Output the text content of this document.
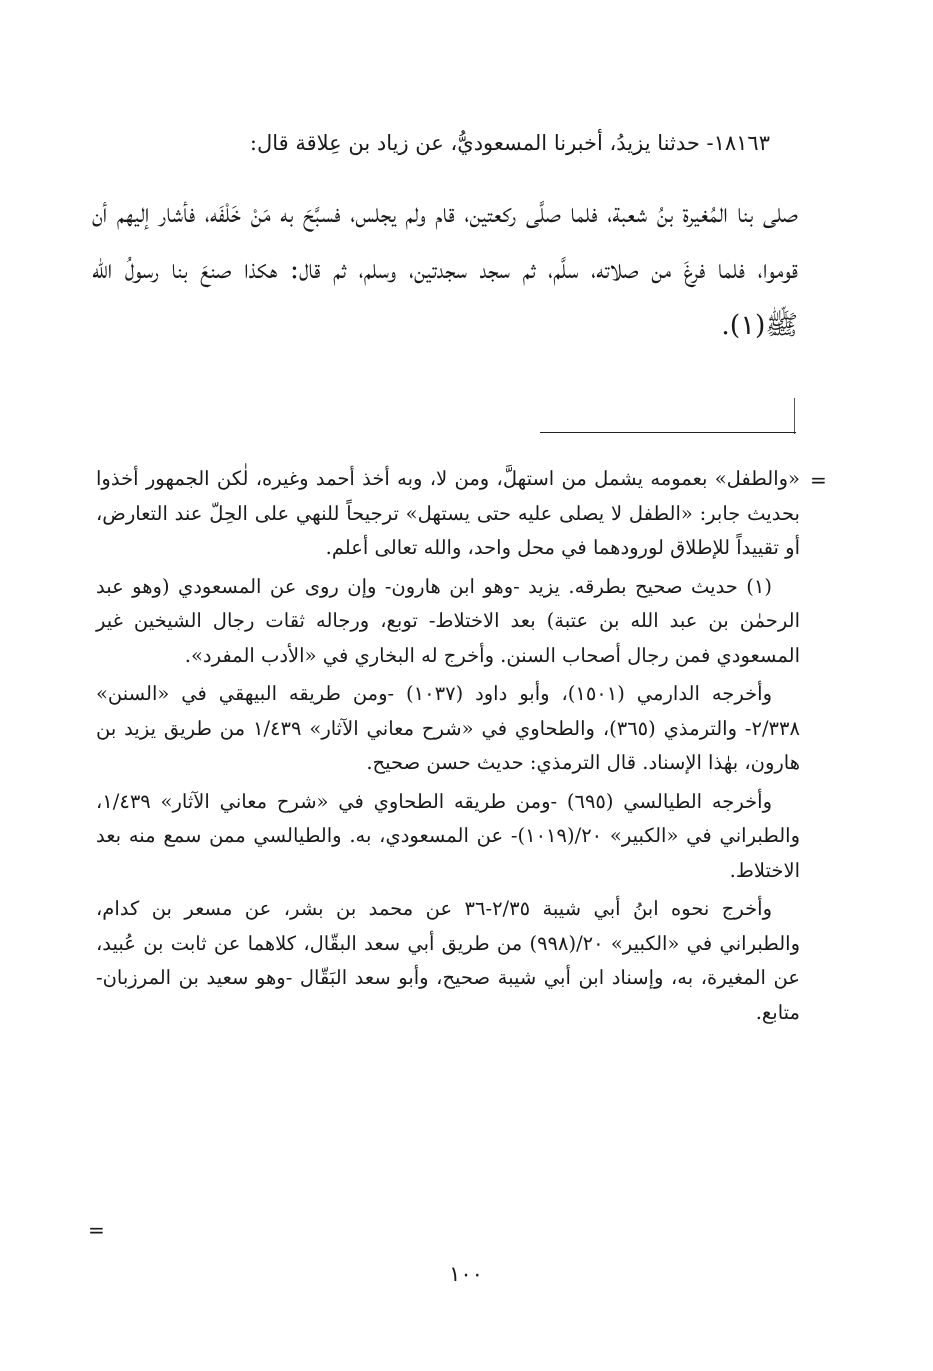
١٨١٦٣- حدثنا يزيدُ، أخبرنا المسعوديُّ، عن زياد بن عِلاقة قال:

صلى بنا المُغيرة بنُ شعبة، فلما صلَّى ركعتين، قام ولم يجلس، فسبَّحَ به مَنْ خَلْفَه، فأشار إليهم أن قوموا، فلما فرغَ من صلاته، سلَّم، ثم سجد سجدتين، وسلم، ثم قال: هكذا صنعَ بنا رسولُ الله ﷺ(١).

=

«والطفل» بعمومه يشمل من استهلَّ، ومن لا، وبه أخذ أحمد وغيره، لٰكن الجمهور أخذوا بحديث جابر: «الطفل لا يصلى عليه حتى يستهل» ترجيحاً للنهي على الحِلّ عند التعارض، أو تقييداً للإطلاق لورودهما في محل واحد، والله تعالى أعلم.

(١) حديث صحيح بطرقه. يزيد -وهو ابن هارون- وإن روى عن المسعودي (وهو عبد الرحمٰن بن عبد الله بن عتبة) بعد الاختلاط- توبع، ورجاله ثقات رجال الشيخين غير المسعودي فمن رجال أصحاب السنن. وأخرج له البخاري في «الأدب المفرد».

وأخرجه الدارمي (١٥٠١)، وأبو داود (١٠٣٧) -ومن طريقه البيهقي في «السنن» ٢/٣٣٨- والترمذي (٣٦٥)، والطحاوي في «شرح معاني الآثار» ١/٤٣٩ من طريق يزيد بن هارون، بهٰذا الإسناد. قال الترمذي: حديث حسن صحيح.

وأخرجه الطيالسي (٦٩٥) -ومن طريقه الطحاوي في «شرح معاني الآثار» ١/٤٣٩، والطبراني في «الكبير» ٢٠/(١٠١٩)- عن المسعودي، به. والطيالسي ممن سمع منه بعد الاختلاط.

وأخرج نحوه ابنُ أبي شيبة ٢/٣٥-٣٦ عن محمد بن بشر، عن مسعر بن كدام، والطبراني في «الكبير» ٢٠/(٩٩٨) من طريق أبي سعد البقّال، كلاهما عن ثابت بن عُبيد، عن المغيرة، به، وإسناد ابن أبي شيبة صحيح، وأبو سعد البَقّال -وهو سعيد بن المرزبان- متابع.

=
١٠٠
